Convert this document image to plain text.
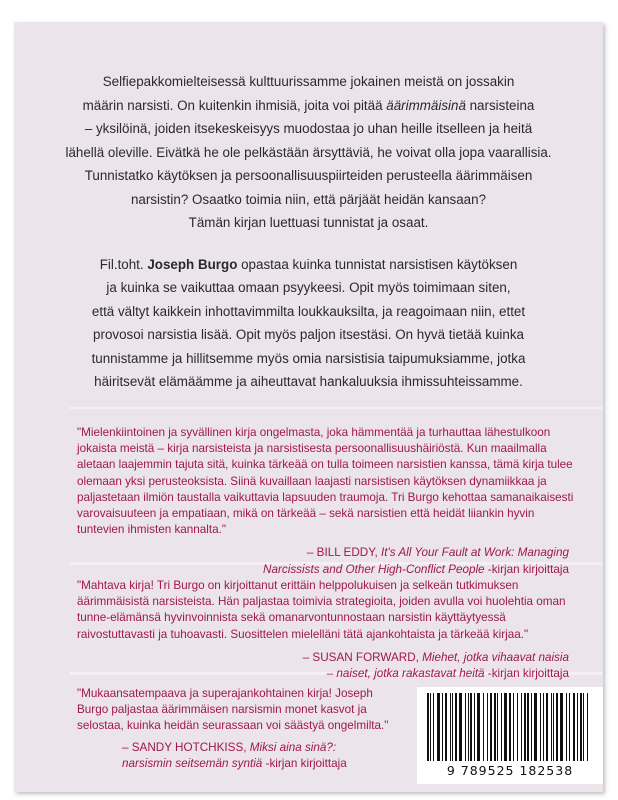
Selfiepakkomielteisessä kulttuurissamme jokainen meistä on jossakin
määrin narsisti. On kuitenkin ihmisiä, joita voi pitää äärimmäisinä narsisteina
– yksilöinä, joiden itsekeskeisyys muodostaa jo uhan heille itselleen ja heitä
lähellä oleville. Eivätkä he ole pelkästään ärsyttäviä, he voivat olla jopa vaarallisia.
Tunnistatko käytöksen ja persoonallisuuspiirteiden perusteella äärimmäisen
narsistin? Osaatko toimia niin, että pärjäät heidän kansaan?
Tämän kirjan luettuasi tunnistat ja osaat.

Fil.toht. Joseph Burgo opastaa kuinka tunnistat narsistisen käytöksen
ja kuinka se vaikuttaa omaan psyykeesi. Opit myös toimimaan siten,
että vältyt kaikkein inhottavimmilta loukkauksilta, ja reagoimaan niin, ettet
provosoi narsistia lisää. Opit myös paljon itsestäsi. On hyvä tietää kuinka
tunnistamme ja hillitsemme myös omia narsistisia taipumuksiamme, jotka
häiritsevät elämäämme ja aiheuttavat hankaluuksia ihmissuhteissamme.

"Mielenkiintoinen ja syvällinen kirja ongelmasta, joka hämmentää ja turhauttaa lähestulkoon jokaista meistä – kirja narsisteista ja narsistisesta persoonallisuushäiriöstä. Kun maailmalla aletaan laajemmin tajuta sitä, kuinka tärkeää on tulla toimeen narsistien kanssa, tämä kirja tulee olemaan yksi perusteoksista. Siinä kuvaillaan laajasti narsistisen käytöksen dynamiikkaa ja paljastetaan ilmiön taustalla vaikuttavia lapsuuden traumoja. Tri Burgo kehottaa samanaikaisesti varovaisuuteen ja empatiaan, mikä on tärkeää – sekä narsistien että heidät liiankin hyvin tuntevien ihmisten kannalta."

– BILL EDDY, It's All Your Fault at Work: Managing
Narcissists and Other High-Conflict People -kirjan kirjoittaja

"Mahtava kirja! Tri Burgo on kirjoittanut erittäin helppolukuisen ja selkeän tutkimuksen äärimmäisistä narsisteista. Hän paljastaa toimivia strategioita, joiden avulla voi huolehtia oman tunne-elämänsä hyvinvoinnista sekä omanarvontunnostaan narsistin käyttäytyessä raivostuttavasti ja tuhoavasti. Suosittelen mielelläni tätä ajankohtaista ja tärkeää kirjaa."

– SUSAN FORWARD, Miehet, jotka vihaavat naisia
– naiset, jotka rakastavat heitä -kirjan kirjoittaja

"Mukaansatempaava ja superajankohtainen kirja! Joseph Burgo paljastaa äärimmäisen narsismin monet kasvot ja selostaa, kuinka heidän seurassaan voi säästyä ongelmilta."

– SANDY HOTCHKISS, Miksi aina sinä?:
narsismin seitsemän syntiä -kirjan kirjoittaja	9 789525 182538
